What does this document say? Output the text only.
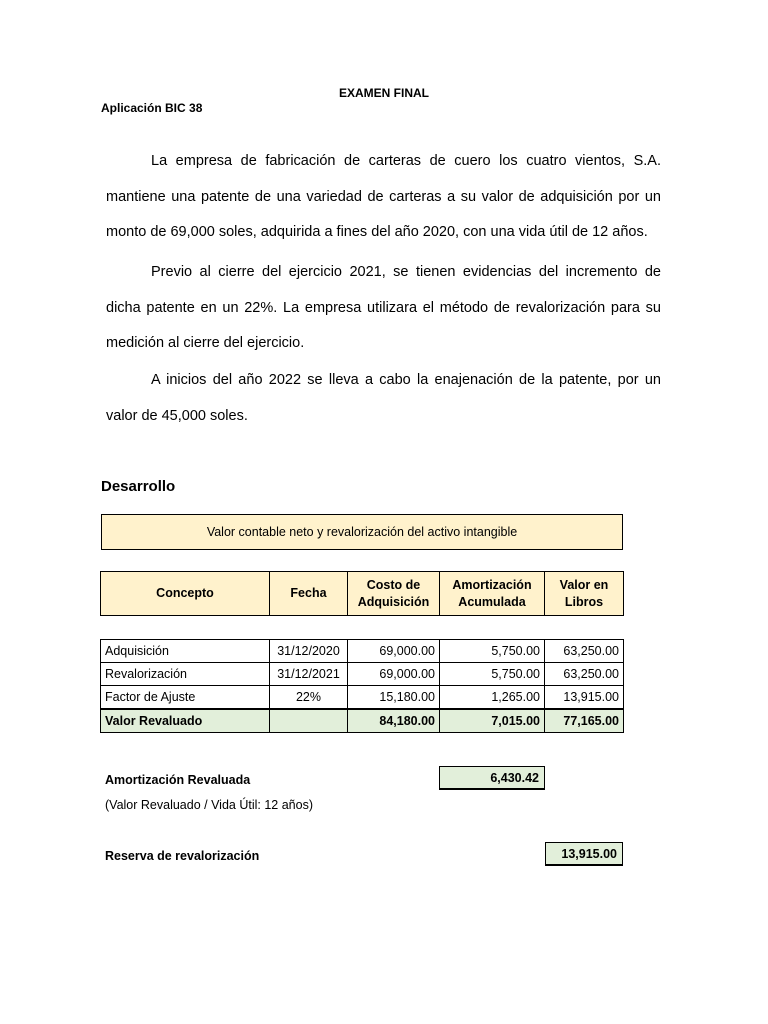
EXAMEN FINAL
Aplicación BIC 38

La empresa de fabricación de carteras de cuero los cuatro vientos, S.A. mantiene una patente de una variedad de carteras a su valor de adquisición por un monto de 69,000 soles, adquirida a fines del año 2020, con una vida útil de 12 años.

Previo al cierre del ejercicio 2021, se tienen evidencias del incremento de dicha patente en un 22%. La empresa utilizara el método de revalorización para su medición al cierre del ejercicio.

A inicios del año 2022 se lleva a cabo la enajenación de la patente, por un valor de 45,000 soles.

Desarrollo
Valor contable neto y revalorización del activo intangible
Concepto	Fecha	Costo de Adquisición	Amortización Acumulada	Valor en Libros
Adquisición	31/12/2020	69,000.00	5,750.00	63,250.00
Revalorización	31/12/2021	69,000.00	5,750.00	63,250.00
Factor de Ajuste	22%	15,180.00	1,265.00	13,915.00
Valor Revaluado		84,180.00	7,015.00	77,165.00
Amortización Revaluada	6,430.42
(Valor Revaluado / Vida Útil: 12 años)
Reserva de revalorización	13,915.00
